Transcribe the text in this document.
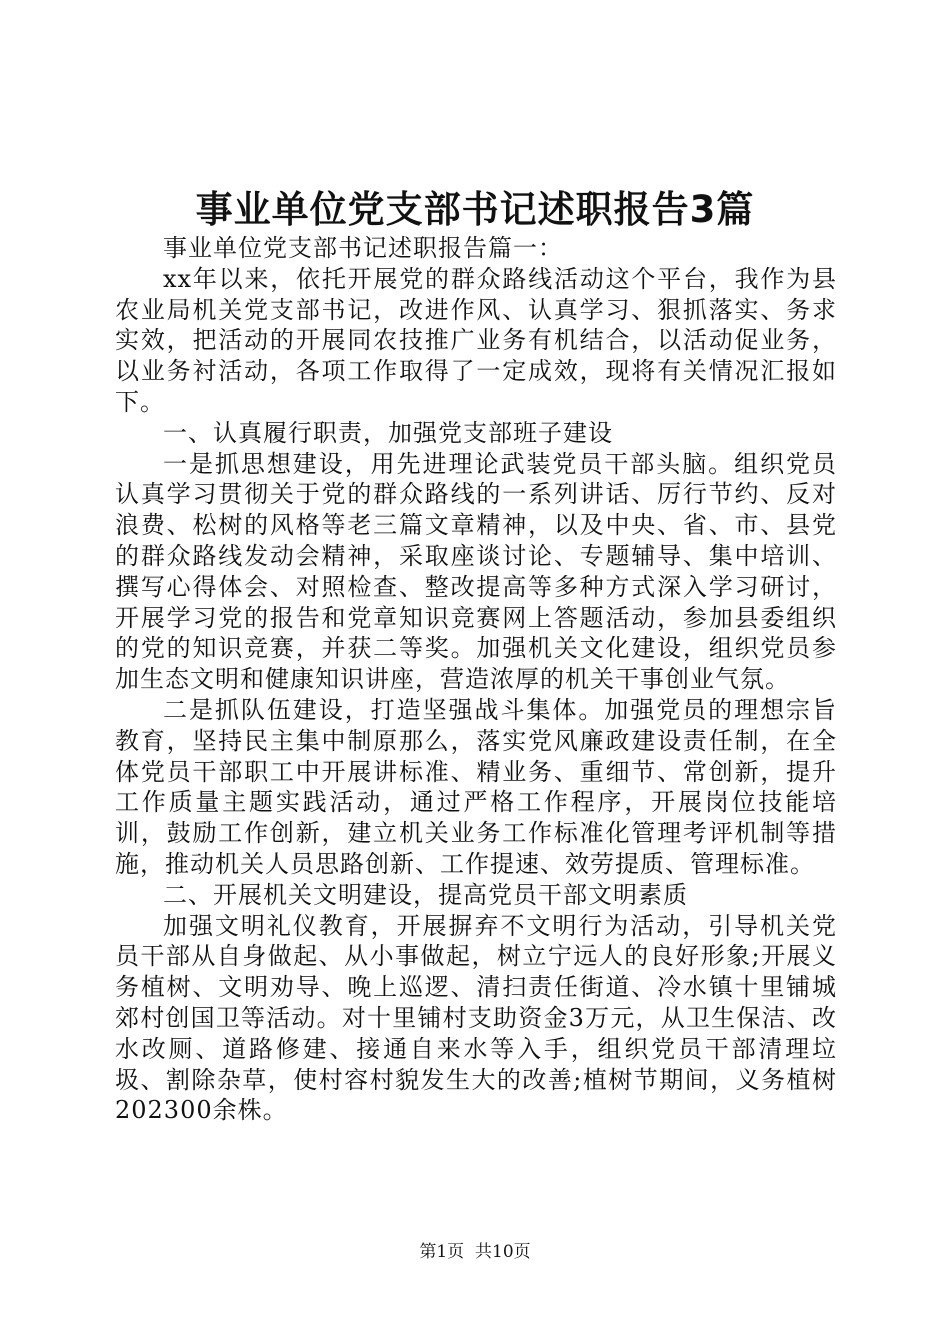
事业单位党支部书记述职报告3篇

事业单位党支部书记述职报告篇一：

xx年以来，依托开展党的群众路线活动这个平台，我作为县农业局机关党支部书记，改进作风、认真学习、狠抓落实、务求实效，把活动的开展同农技推广业务有机结合，以活动促业务，以业务衬活动，各项工作取得了一定成效，现将有关情况汇报如下。

一、认真履行职责，加强党支部班子建设

一是抓思想建设，用先进理论武装党员干部头脑。组织党员认真学习贯彻关于党的群众路线的一系列讲话、厉行节约、反对浪费、松树的风格等老三篇文章精神，以及中央、省、市、县党的群众路线发动会精神，采取座谈讨论、专题辅导、集中培训、撰写心得体会、对照检查、整改提高等多种方式深入学习研讨，开展学习党的报告和党章知识竞赛网上答题活动，参加县委组织的党的知识竞赛，并获二等奖。加强机关文化建设，组织党员参加生态文明和健康知识讲座，营造浓厚的机关干事创业气氛。

二是抓队伍建设，打造坚强战斗集体。加强党员的理想宗旨教育，坚持民主集中制原那么，落实党风廉政建设责任制，在全体党员干部职工中开展讲标准、精业务、重细节、常创新，提升工作质量主题实践活动，通过严格工作程序，开展岗位技能培训，鼓励工作创新，建立机关业务工作标准化管理考评机制等措施，推动机关人员思路创新、工作提速、效劳提质、管理标准。

二、开展机关文明建设，提高党员干部文明素质

加强文明礼仪教育，开展摒弃不文明行为活动，引导机关党员干部从自身做起、从小事做起，树立宁远人的良好形象;开展义务植树、文明劝导、晚上巡逻、清扫责任街道、冷水镇十里铺城郊村创国卫等活动。对十里铺村支助资金3万元，从卫生保洁、改水改厕、道路修建、接通自来水等入手，组织党员干部清理垃圾、割除杂草，使村容村貌发生大的改善;植树节期间，义务植树202300余株。

第1页 共10页
